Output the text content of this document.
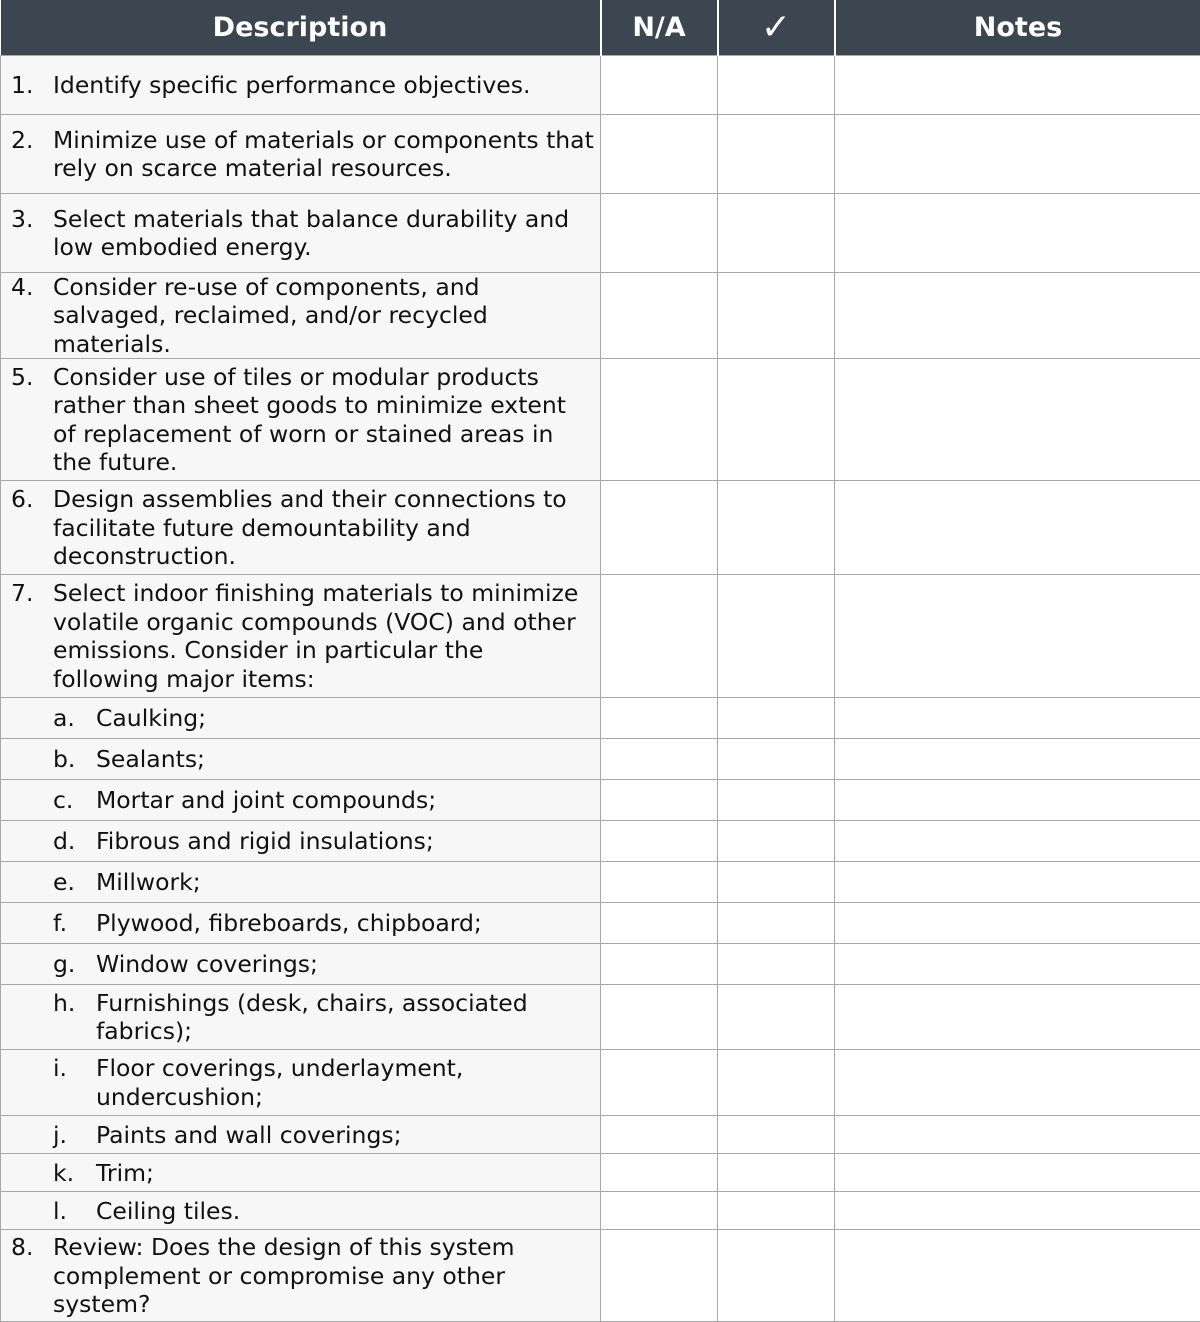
Description	N/A	✓	Notes

1. Identify specific performance objectives.			

2. Minimize use of materials or components that rely on scarce material resources.			

3. Select materials that balance durability and low embodied energy.			

4. Consider re-use of components, and salvaged, reclaimed, and/or recycled materials.			

5. Consider use of tiles or modular products rather than sheet goods to minimize extent of replacement of worn or stained areas in the future.			

6. Design assemblies and their connections to facilitate future demountability and deconstruction.			

7. Select indoor finishing materials to minimize volatile organic compounds (VOC) and other emissions. Consider in particular the following major items:			

a. Caulking;			

b. Sealants;			

c. Mortar and joint compounds;			

d. Fibrous and rigid insulations;			

e. Millwork;			

f. Plywood, fibreboards, chipboard;			

g. Window coverings;			

h. Furnishings (desk, chairs, associated fabrics);			

i. Floor coverings, underlayment, undercushion;			

j. Paints and wall coverings;			

k. Trim;			

l. Ceiling tiles.			

8. Review: Does the design of this system complement or compromise any other system?			
